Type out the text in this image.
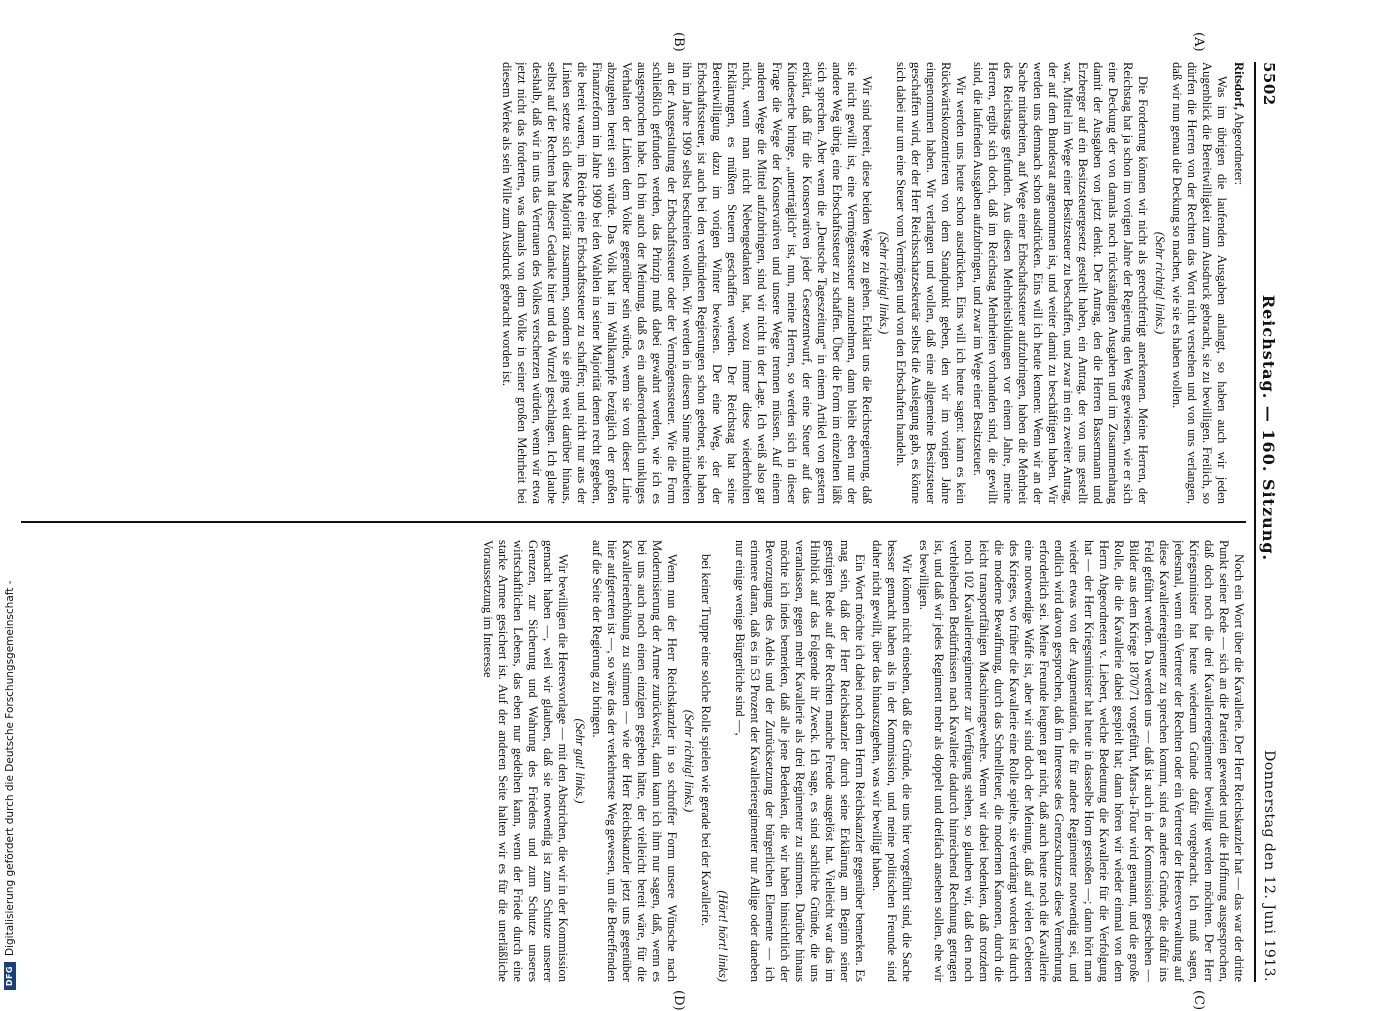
DFG
Digitalisierung gefördert durch die Deutsche Forschungsgemeinschaft -
5502
Reichstag. — 160. Sitzung.
Donnerstag den 12. Juni 1913.
(A)
(B)
(C)
(D)

Ritsdorf, Abgeordneter:

Was im übrigen die laufenden Ausgaben anlangt, so haben auch wir jeden Augenblick die Bereitwilligkeit zum Ausdruck gebracht, sie zu bewilligen. Freilich, so dürfen die Herren von der Rechten das Wort nicht verstehen und von uns verlangen, daß wir nun genau die Deckung so machen, wie sie es haben wollen.

(Sehr richtig! links.)

Die Forderung können wir nicht als gerechtfertigt anerkennen. Meine Herren, der Reichstag hat ja schon im vorigen Jahre der Regierung den Weg gewiesen, wie er sich eine Deckung der von damals noch rückständigen Ausgaben und im Zusammenhang damit der Ausgaben von jetzt denkt. Der Antrag, den die Herren Bassermann und Erzberger auf ein Besitzsteuergesetz gestellt haben, ein Antrag, der von uns gestellt war, Mittel im Wege einer Besitzsteuer zu beschaffen, und zwar im ein zweiter Antrag, der auf dem Bundesrat angenommen ist, und weiter damit zu beschäftigen haben. Wir werden uns demnach schon ausdrücken. Eins will ich heute kennen: Wenn wir an der Sache mitarbeiten, auf Wege einer Erbschaftssteuer aufzubringen, haben die Mehrheit des Reichstags gefunden. Aus diesen Mehrheitsbildungen vor einem Jahre, meine Herren, ergibt sich doch, daß im Reichstag Mehrheiten vorhanden sind, die gewillt sind, die laufenden Ausgaben aufzubringen, und zwar im Wege einer Besitzsteuer.

Wir werden uns heute schon ausdrücken. Eins will ich heute sagen: kann es kein Rückwärtskonzentrieren von dem Standpunkt geben, den wir im vorigen Jahre eingenommen haben. Wir verlangen und wollen, daß eine allgemeine Besitzsteuer geschaffen wird, der der Herr Reichsschatzsekretär selbst die Auslegung gab, es könne sich dabei nur um eine Steuer vom Vermögen und von den Erbschaften handeln.

(Sehr richtig! links.)

Wir sind bereit, diese beiden Wege zu gehen. Erklärt uns die Reichsregierung, daß sie nicht gewillt ist, eine Vermögenssteuer anzunehmen, dann bleibt eben nur der andere Weg übrig, eine Erbschaftssteuer zu schaffen. Über die Form im einzelnen läßt sich sprechen. Aber wenn die „Deutsche Tageszeitung“ in einem Artikel von gestern erklärt, daß für die Konservativen jeder Gesetzentwurf, der eine Steuer auf das Kindeserbe bringe, „unerträglich“ ist, nun, meine Herren, so werden sich in dieser Frage die Wege der Konservativen und unsere Wege trennen müssen. Auf einem anderen Wege die Mittel aufzubringen, sind wir nicht in der Lage. Ich weiß also gar nicht, wenn man nicht Nebengedanken hat, wozu immer diese wiederholten Erklärungen, es müßten Steuern geschaffen werden. Der Reichstag hat seine Bereitwilligung dazu im vorigen Winter bewiesen. Der eine Weg, der der Erbschaftssteuer, ist auch bei den verbündeten Regierungen schon geebnet, sie haben ihn im Jahre 1909 selbst beschreiten wollen. Wir werden in diesem Sinne mitarbeiten an der Ausgestaltung der Erbschaftssteuer oder der Vermögenssteuer. Wie die Form schließlich gefunden werden, das Prinzip muß dabei gewahrt werden, wie ich es ausgesprochen habe. Ich bin auch der Meinung, daß es ein außerordentlich unkluges Verhalten der Linken dem Volke gegenüber sein würde, wenn sie von dieser Linie abzugehen bereit sein würde. Das Volk hat im Wahlkampfe bezüglich der großen Finanzreform im Jahre 1909 bei den Wahlen in seiner Majorität denen recht gegeben, die bereit waren, im Reiche eine Erbschaftssteuer zu schaffen; und nicht nur aus der Linken setzte sich diese Majorität zusammen, sondern sie ging weit darüber hinaus, selbst auf der Rechten hat dieser Gedanke hier und da Wurzel geschlagen. Ich glaube deshalb, daß wir in uns das Vertrauen des Volkes verscherzen würden, wenn wir etwa jetzt nicht das forderten, was damals von dem Volke in seiner großen Mehrheit bei diesem Werke als sein Wille zum Ausdruck gebracht worden ist.

Noch ein Wort über die Kavallerie. Der Herr Reichskanzler hat — das war der dritte Punkt seiner Rede — sich an die Parteien gewendet und die Hoffnung ausgesprochen, daß doch noch die drei Kavallerieregimenter bewilligt werden möchten. Der Herr Kriegsminister hat heute wiederum Gründe dafür vorgebracht. Ich muß sagen, jedesmal, wenn ein Vertreter der Rechten oder ein Vertreter der Heeresverwaltung auf diese Kavallerieregimenter zu sprechen kommt, sind es andere Gründe, die dafür ins Feld geführt werden. Da werden uns — daß ist auch in der Kommission geschehen — Bilder aus dem Kriege 1870/71 vorgeführt, Mars-la-Tour wird genannt, und die große Rolle, die die Kavallerie dabei gespielt hat; dann hören wir wieder einmal von dem Herrn Abgeordneten v. Liebert, welche Bedeutung die Kavallerie für die Verfolgung hat — der Herr Kriegsminister hat heute in dasselbe Horn gestoßen —; dann hört man wieder etwas von der Augmentation, die für andere Regimenter notwendig sei, und endlich wird davon gesprochen, daß im Interesse des Grenzschutzes diese Vermehrung erforderlich sei. Meine Freunde leugnen gar nicht, daß auch heute noch die Kavallerie eine notwendige Waffe ist, aber wir sind doch der Meinung, daß auf vielen Gebieten des Krieges, wo früher die Kavallerie eine Rolle spielte, sie verdrängt worden ist durch die moderne Bewaffnung, durch das Schnellfeuer, die modernen Kanonen, durch die leicht transportfähigen Maschinengewehre. Wenn wir dabei bedenken, daß trotzdem noch 102 Kavallerieregimenter zur Verfügung stehen, so glauben wir, daß den noch verbleibenden Bedürfnissen nach Kavallerie dadurch hinreichend Rechnung getragen ist, und daß wir jedes Regiment mehr als doppelt und dreifach ansehen sollen, ehe wir es bewilligen.

Wir können nicht einsehen, daß die Gründe, die uns hier vorgeführt sind, die Sache besser gemacht haben als in der Kommission, und meine politischen Freunde sind daher nicht gewillt, über das hinauszugehen, was wir bewilligt haben.

Ein Wort möchte ich dabei noch dem Herrn Reichskanzler gegenüber bemerken. Es mag sein, daß der Herr Reichskanzler durch seine Erklärung am Beginn seiner gestrigen Rede auf der Rechten manche Freude ausgelöst hat. Vielleicht war das im Hinblick auf das Folgende ihr Zweck. Ich sage, es sind sachliche Gründe, die uns veranlassen, gegen mehr Kavallerie als drei Regimenter zu stimmen. Darüber hinaus möchte ich indes bemerken, daß alle jene Bedenken, die wir haben hinsichtlich der Bevorzugung des Adels und der Zurücksetzung der bürgerlichen Elemente — ich erinnere daran, daß es in 53 Prozent der Kavallerieregimenter nur Adlige oder daneben nur einige wenige Bürgerliche sind —,

(Hört! hört! links)

bei keiner Truppe eine solche Rolle spielen wie gerade bei der Kavallerie.

(Sehr richtig! links.)

Wenn nun der Herr Reichskanzler in so schroffer Form unsere Wünsche nach Modernisierung der Armee zurückweist, dann kann ich ihm nur sagen, daß, wenn es bei uns auch noch einen einzigen gegeben hätte, der vielleicht bereit wäre, für die Kavallerieerhöhung zu stimmen — wie der Herr Reichskanzler jetzt uns gegenüber hier aufgetreten ist —, so wäre das der verkehrteste Weg gewesen, um die Betreffenden auf die Seite der Regierung zu bringen.

(Sehr gut! links.)

Wir bewilligen die Heeresvorlage — mit den Abstrichen, die wir in der Kommission gemacht haben —, weil wir glauben, daß sie notwendig ist zum Schutze unserer Grenzen, zur Sicherung und Wahrung des Friedens und zum Schutze unseres wirtschaftlichen Lebens, das eben nur gedeihen kann, wenn der Friede durch eine starke Armee gesichert ist. Auf der anderen Seite halten wir es für die unerläßliche Voraussetzung im Interesse
